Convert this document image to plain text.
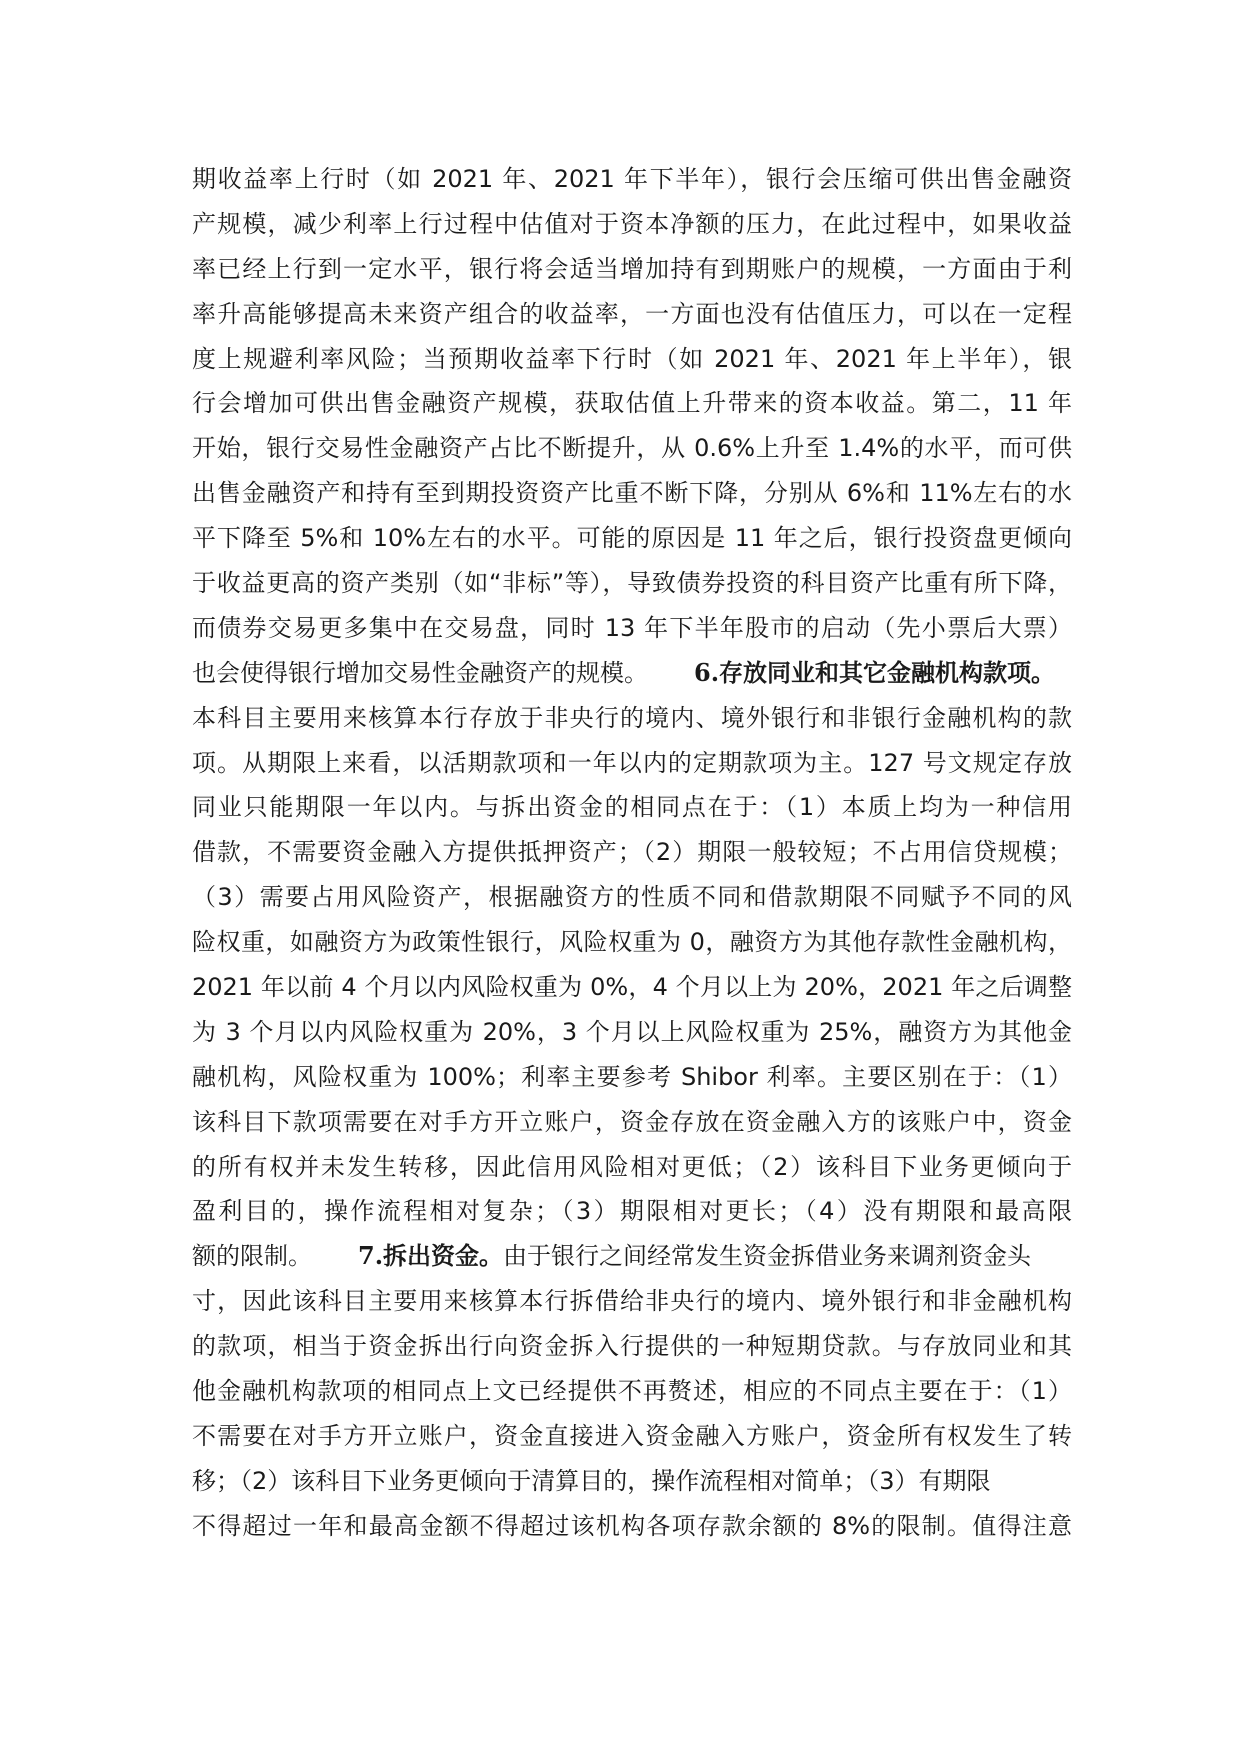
期收益率上行时（如 2021 年、2021 年下半年），银行会压缩可供出售金融资
产规模，减少利率上行过程中估值对于资本净额的压力，在此过程中，如果收益
率已经上行到一定水平，银行将会适当增加持有到期账户的规模，一方面由于利
率升高能够提高未来资产组合的收益率，一方面也没有估值压力，可以在一定程
度上规避利率风险；当预期收益率下行时（如 2021 年、2021 年上半年），银
行会增加可供出售金融资产规模，获取估值上升带来的资本收益。第二，11 年
开始，银行交易性金融资产占比不断提升，从 0.6%上升至 1.4%的水平，而可供
出售金融资产和持有至到期投资资产比重不断下降，分别从 6%和 11%左右的水
平下降至 5%和 10%左右的水平。可能的原因是 11 年之后，银行投资盘更倾向
于收益更高的资产类别（如“非标”等），导致债券投资的科目资产比重有所下降，
而债券交易更多集中在交易盘，同时 13 年下半年股市的启动（先小票后大票）
也会使得银行增加交易性金融资产的规模。 6.存放同业和其它金融机构款项。
本科目主要用来核算本行存放于非央行的境内、境外银行和非银行金融机构的款
项。从期限上来看，以活期款项和一年以内的定期款项为主。127 号文规定存放
同业只能期限一年以内。与拆出资金的相同点在于：（1）本质上均为一种信用
借款，不需要资金融入方提供抵押资产；（2）期限一般较短；不占用信贷规模；
（3）需要占用风险资产，根据融资方的性质不同和借款期限不同赋予不同的风
险权重，如融资方为政策性银行，风险权重为 0，融资方为其他存款性金融机构，
2021 年以前 4 个月以内风险权重为 0%，4 个月以上为 20%，2021 年之后调整
为 3 个月以内风险权重为 20%，3 个月以上风险权重为 25%，融资方为其他金
融机构，风险权重为 100%；利率主要参考 Shibor 利率。主要区别在于：（1）
该科目下款项需要在对手方开立账户，资金存放在资金融入方的该账户中，资金
的所有权并未发生转移，因此信用风险相对更低；（2）该科目下业务更倾向于
盈利目的，操作流程相对复杂；（3）期限相对更长；（4）没有期限和最高限
额的限制。 7.拆出资金。由于银行之间经常发生资金拆借业务来调剂资金头
寸，因此该科目主要用来核算本行拆借给非央行的境内、境外银行和非金融机构
的款项，相当于资金拆出行向资金拆入行提供的一种短期贷款。与存放同业和其
他金融机构款项的相同点上文已经提供不再赘述，相应的不同点主要在于：（1）
不需要在对手方开立账户，资金直接进入资金融入方账户，资金所有权发生了转
移；（2）该科目下业务更倾向于清算目的，操作流程相对简单；（3）有期限
不得超过一年和最高金额不得超过该机构各项存款余额的 8%的限制。值得注意
